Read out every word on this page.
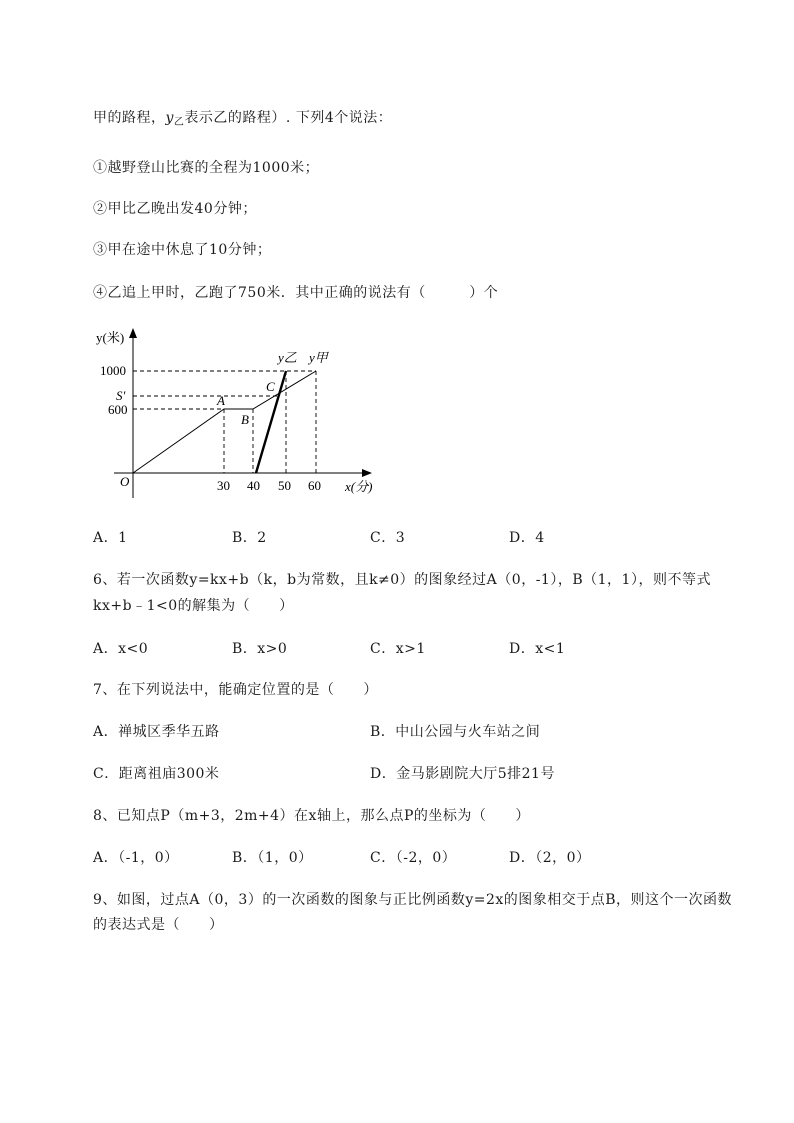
甲的路程，$y_乙$表示乙的路程）. 下列4个说法：
①越野登山比赛的全程为1000米；
②甲比乙晚出发40分钟；
③甲在途中休息了10分钟；
④乙追上甲时，乙跑了750米．其中正确的说法有（　　　）个
y(米)
1000
S'
600
O	30 40 50 60 x(分)
A
B
C
y乙 y甲
A．1	B．2	C．3	D．4
6、若一次函数y=kx+b（k，b为常数，且k≠0）的图象经过A（0，-1），B（1，1），则不等式
kx+b﹣1<0的解集为（　　）
A．x<0	B．x>0	C．x>1	D．x<1
7、在下列说法中，能确定位置的是（　　）
A．禅城区季华五路	B．中山公园与火车站之间
C．距离祖庙300米	D．金马影剧院大厅5排21号
8、已知点P（m+3，2m+4）在x轴上，那么点P的坐标为（　　）
A．（-1，0）	B．（1，0）	C．（-2，0）	D．（2，0）
9、如图，过点A（0，3）的一次函数的图象与正比例函数y=2x的图象相交于点B，则这个一次函数
的表达式是（　　）
